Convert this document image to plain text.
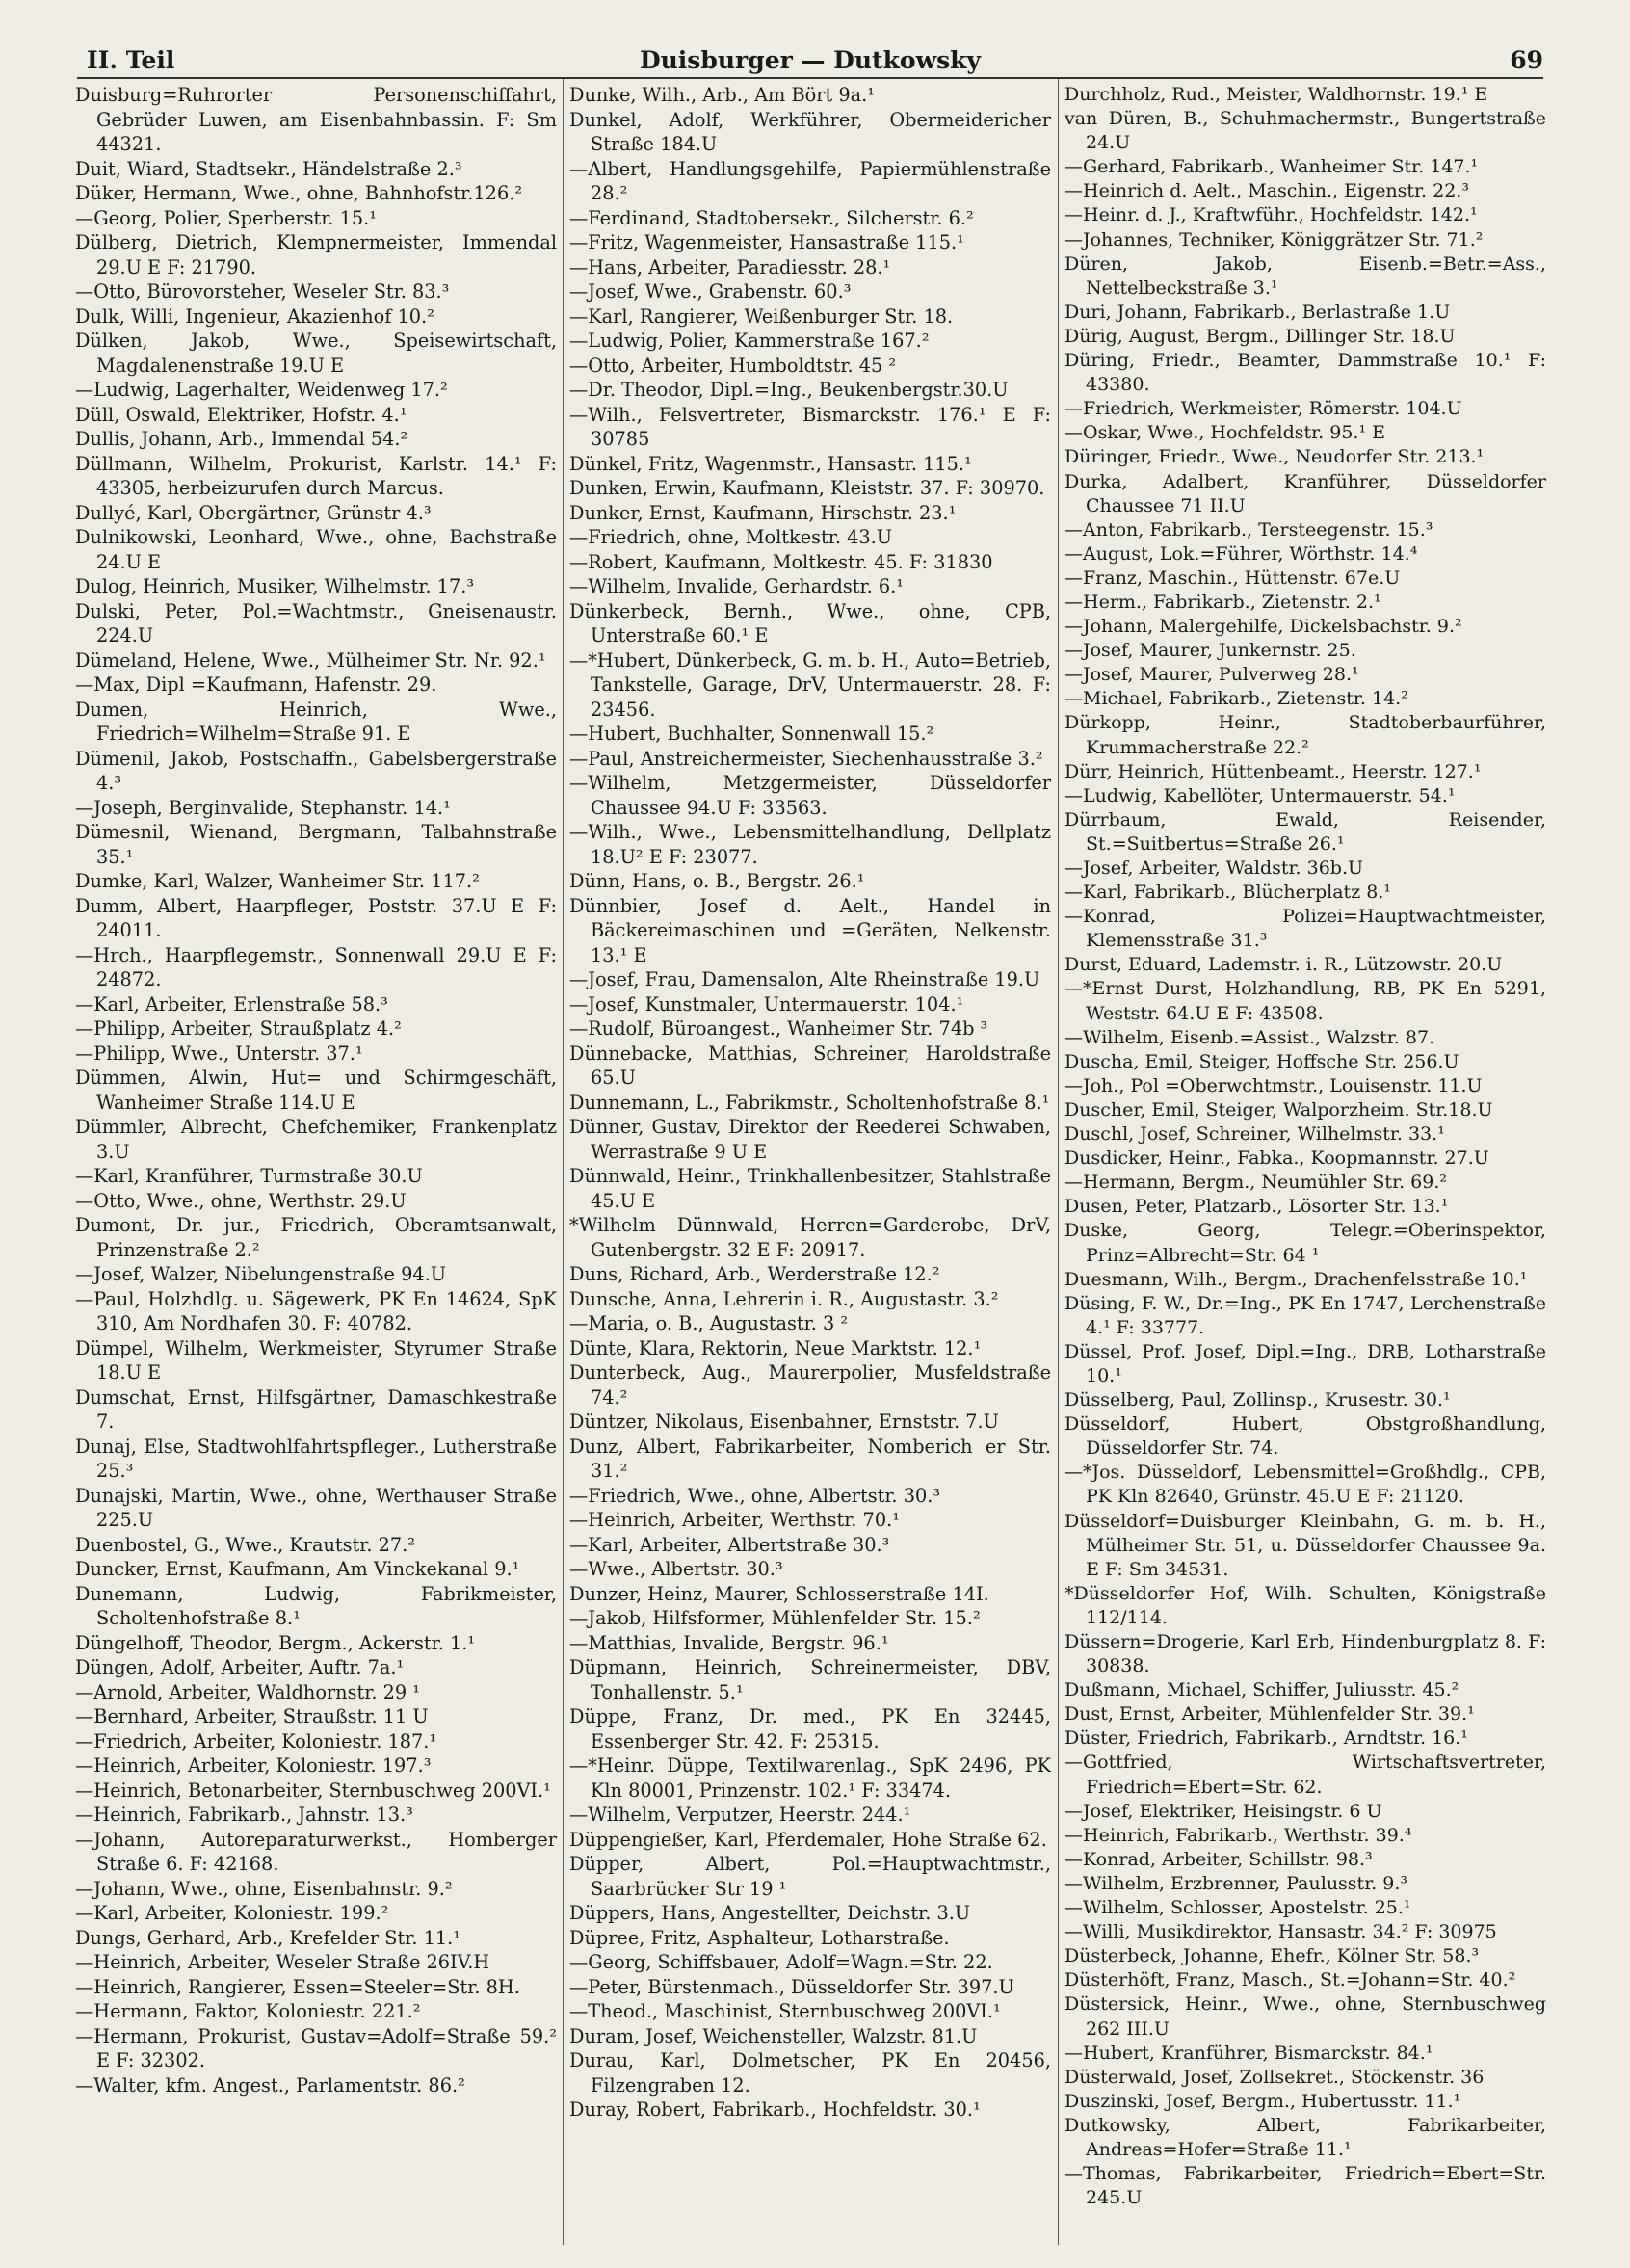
II. Teil	Duisburger — Dutkowsky	69

Duisburg=Ruhrorter Personenschiffahrt, Gebrüder Luwen, am Eisenbahnbassin. F: Sm 44321.

Duit, Wiard, Stadtsekr., Händelstraße 2.³

Düker, Hermann, Wwe., ohne, Bahnhofstr.126.²

—Georg, Polier, Sperberstr. 15.¹

Dülberg, Dietrich, Klempnermeister, Immendal 29.U E F: 21790.

—Otto, Bürovorsteher, Weseler Str. 83.³

Dulk, Willi, Ingenieur, Akazienhof 10.²

Dülken, Jakob, Wwe., Speisewirtschaft, Magdalenenstraße 19.U E

—Ludwig, Lagerhalter, Weidenweg 17.²

Düll, Oswald, Elektriker, Hofstr. 4.¹

Dullis, Johann, Arb., Immendal 54.²

Düllmann, Wilhelm, Prokurist, Karlstr. 14.¹ F: 43305, herbeizurufen durch Marcus.

Dullyé, Karl, Obergärtner, Grünstr 4.³

Dulnikowski, Leonhard, Wwe., ohne, Bachstraße 24.U E

Dulog, Heinrich, Musiker, Wilhelmstr. 17.³

Dulski, Peter, Pol.=Wachtmstr., Gneisenaustr. 224.U

Dümeland, Helene, Wwe., Mülheimer Str. Nr. 92.¹

—Max, Dipl =Kaufmann, Hafenstr. 29.

Dumen, Heinrich, Wwe., Friedrich=Wilhelm=Straße 91. E

Dümenil, Jakob, Postschaffn., Gabelsbergerstraße 4.³

—Joseph, Berginvalide, Stephanstr. 14.¹

Dümesnil, Wienand, Bergmann, Talbahnstraße 35.¹

Dumke, Karl, Walzer, Wanheimer Str. 117.²

Dumm, Albert, Haarpfleger, Poststr. 37.U E F: 24011.

—Hrch., Haarpflegemstr., Sonnenwall 29.U E F: 24872.

—Karl, Arbeiter, Erlenstraße 58.³

—Philipp, Arbeiter, Straußplatz 4.²

—Philipp, Wwe., Unterstr. 37.¹

Dümmen, Alwin, Hut= und Schirmgeschäft, Wanheimer Straße 114.U E

Dümmler, Albrecht, Chefchemiker, Frankenplatz 3.U

—Karl, Kranführer, Turmstraße 30.U

—Otto, Wwe., ohne, Werthstr. 29.U

Dumont, Dr. jur., Friedrich, Oberamtsanwalt, Prinzenstraße 2.²

—Josef, Walzer, Nibelungenstraße 94.U

—Paul, Holzhdlg. u. Sägewerk, PK En 14624, SpK 310, Am Nordhafen 30. F: 40782.

Dümpel, Wilhelm, Werkmeister, Styrumer Straße 18.U E

Dumschat, Ernst, Hilfsgärtner, Damaschkestraße 7.

Dunaj, Else, Stadtwohlfahrtspfleger., Lutherstraße 25.³

Dunajski, Martin, Wwe., ohne, Werthauser Straße 225.U

Duenbostel, G., Wwe., Krautstr. 27.²

Duncker, Ernst, Kaufmann, Am Vinckekanal 9.¹

Dunemann, Ludwig, Fabrikmeister, Scholtenhofstraße 8.¹

Düngelhoff, Theodor, Bergm., Ackerstr. 1.¹

Düngen, Adolf, Arbeiter, Auftr. 7a.¹

—Arnold, Arbeiter, Waldhornstr. 29 ¹

—Bernhard, Arbeiter, Straußstr. 11 U

—Friedrich, Arbeiter, Koloniestr. 187.¹

—Heinrich, Arbeiter, Koloniestr. 197.³

—Heinrich, Betonarbeiter, Sternbuschweg 200VI.¹

—Heinrich, Fabrikarb., Jahnstr. 13.³

—Johann, Autoreparaturwerkst., Homberger Straße 6. F: 42168.

—Johann, Wwe., ohne, Eisenbahnstr. 9.²

—Karl, Arbeiter, Koloniestr. 199.²

Dungs, Gerhard, Arb., Krefelder Str. 11.¹

—Heinrich, Arbeiter, Weseler Straße 26IV.H

—Heinrich, Rangierer, Essen=Steeler=Str. 8H.

—Hermann, Faktor, Koloniestr. 221.²

—Hermann, Prokurist, Gustav=Adolf=Straße 59.² E F: 32302.

—Walter, kfm. Angest., Parlamentstr. 86.²

Dunke, Wilh., Arb., Am Bört 9a.¹

Dunkel, Adolf, Werkführer, Obermeidericher Straße 184.U

—Albert, Handlungsgehilfe, Papiermühlenstraße 28.²

—Ferdinand, Stadtobersekr., Silcherstr. 6.²

—Fritz, Wagenmeister, Hansastraße 115.¹

—Hans, Arbeiter, Paradiesstr. 28.¹

—Josef, Wwe., Grabenstr. 60.³

—Karl, Rangierer, Weißenburger Str. 18.

—Ludwig, Polier, Kammerstraße 167.²

—Otto, Arbeiter, Humboldtstr. 45 ²

—Dr. Theodor, Dipl.=Ing., Beukenbergstr.30.U

—Wilh., Felsvertreter, Bismarckstr. 176.¹ E F: 30785

Dünkel, Fritz, Wagenmstr., Hansastr. 115.¹

Dunken, Erwin, Kaufmann, Kleiststr. 37. F: 30970.

Dunker, Ernst, Kaufmann, Hirschstr. 23.¹

—Friedrich, ohne, Moltkestr. 43.U

—Robert, Kaufmann, Moltkestr. 45. F: 31830

—Wilhelm, Invalide, Gerhardstr. 6.¹

Dünkerbeck, Bernh., Wwe., ohne, CPB, Unterstraße 60.¹ E

—*Hubert, Dünkerbeck, G. m. b. H., Auto=Betrieb, Tankstelle, Garage, DrV, Untermauerstr. 28. F: 23456.

—Hubert, Buchhalter, Sonnenwall 15.²

—Paul, Anstreichermeister, Siechenhausstraße 3.²

—Wilhelm, Metzgermeister, Düsseldorfer Chaussee 94.U F: 33563.

—Wilh., Wwe., Lebensmittelhandlung, Dellplatz 18.U² E F: 23077.

Dünn, Hans, o. B., Bergstr. 26.¹

Dünnbier, Josef d. Aelt., Handel in Bäckereimaschinen und =Geräten, Nelkenstr. 13.¹ E

—Josef, Frau, Damensalon, Alte Rheinstraße 19.U

—Josef, Kunstmaler, Untermauerstr. 104.¹

—Rudolf, Büroangest., Wanheimer Str. 74b ³

Dünnebacke, Matthias, Schreiner, Haroldstraße 65.U

Dunnemann, L., Fabrikmstr., Scholtenhofstraße 8.¹

Dünner, Gustav, Direktor der Reederei Schwaben, Werrastraße 9 U E

Dünnwald, Heinr., Trinkhallenbesitzer, Stahlstraße 45.U E

*Wilhelm Dünnwald, Herren=Garderobe, DrV, Gutenbergstr. 32 E F: 20917.

Duns, Richard, Arb., Werderstraße 12.²

Dunsche, Anna, Lehrerin i. R., Augustastr. 3.²

—Maria, o. B., Augustastr. 3 ²

Dünte, Klara, Rektorin, Neue Marktstr. 12.¹

Dunterbeck, Aug., Maurerpolier, Musfeldstraße 74.²

Düntzer, Nikolaus, Eisenbahner, Ernststr. 7.U

Dunz, Albert, Fabrikarbeiter, Nomberich er Str. 31.²

—Friedrich, Wwe., ohne, Albertstr. 30.³

—Heinrich, Arbeiter, Werthstr. 70.¹

—Karl, Arbeiter, Albertstraße 30.³

—Wwe., Albertstr. 30.³

Dunzer, Heinz, Maurer, Schlosserstraße 14I.

—Jakob, Hilfsformer, Mühlenfelder Str. 15.²

—Matthias, Invalide, Bergstr. 96.¹

Düpmann, Heinrich, Schreinermeister, DBV, Tonhallenstr. 5.¹

Düppe, Franz, Dr. med., PK En 32445, Essenberger Str. 42. F: 25315.

—*Heinr. Düppe, Textilwarenlag., SpK 2496, PK Kln 80001, Prinzenstr. 102.¹ F: 33474.

—Wilhelm, Verputzer, Heerstr. 244.¹

Düppengießer, Karl, Pferdemaler, Hohe Straße 62.

Düpper, Albert, Pol.=Hauptwachtmstr., Saarbrücker Str 19 ¹

Düppers, Hans, Angestellter, Deichstr. 3.U

Düpree, Fritz, Asphalteur, Lotharstraße.

—Georg, Schiffsbauer, Adolf=Wagn.=Str. 22.

—Peter, Bürstenmach., Düsseldorfer Str. 397.U

—Theod., Maschinist, Sternbuschweg 200VI.¹

Duram, Josef, Weichensteller, Walzstr. 81.U

Durau, Karl, Dolmetscher, PK En 20456, Filzengraben 12.

Duray, Robert, Fabrikarb., Hochfeldstr. 30.¹

Durchholz, Rud., Meister, Waldhornstr. 19.¹ E

van Düren, B., Schuhmachermstr., Bungertstraße 24.U

—Gerhard, Fabrikarb., Wanheimer Str. 147.¹

—Heinrich d. Aelt., Maschin., Eigenstr. 22.³

—Heinr. d. J., Kraftwführ., Hochfeldstr. 142.¹

—Johannes, Techniker, Königgrätzer Str. 71.²

Düren, Jakob, Eisenb.=Betr.=Ass., Nettelbeckstraße 3.¹

Duri, Johann, Fabrikarb., Berlastraße 1.U

Dürig, August, Bergm., Dillinger Str. 18.U

Düring, Friedr., Beamter, Dammstraße 10.¹ F: 43380.

—Friedrich, Werkmeister, Römerstr. 104.U

—Oskar, Wwe., Hochfeldstr. 95.¹ E

Düringer, Friedr., Wwe., Neudorfer Str. 213.¹

Durka, Adalbert, Kranführer, Düsseldorfer Chaussee 71 II.U

—Anton, Fabrikarb., Tersteegenstr. 15.³

—August, Lok.=Führer, Wörthstr. 14.⁴

—Franz, Maschin., Hüttenstr. 67e.U

—Herm., Fabrikarb., Zietenstr. 2.¹

—Johann, Malergehilfe, Dickelsbachstr. 9.²

—Josef, Maurer, Junkernstr. 25.

—Josef, Maurer, Pulverweg 28.¹

—Michael, Fabrikarb., Zietenstr. 14.²

Dürkopp, Heinr., Stadtoberbaurführer, Krummacherstraße 22.²

Dürr, Heinrich, Hüttenbeamt., Heerstr. 127.¹

—Ludwig, Kabellöter, Untermauerstr. 54.¹

Dürrbaum, Ewald, Reisender, St.=Suitbertus=Straße 26.¹

—Josef, Arbeiter, Waldstr. 36b.U

—Karl, Fabrikarb., Blücherplatz 8.¹

—Konrad, Polizei=Hauptwachtmeister, Klemensstraße 31.³

Durst, Eduard, Lademstr. i. R., Lützowstr. 20.U

—*Ernst Durst, Holzhandlung, RB, PK En 5291, Weststr. 64.U E F: 43508.

—Wilhelm, Eisenb.=Assist., Walzstr. 87.

Duscha, Emil, Steiger, Hoffsche Str. 256.U

—Joh., Pol =Oberwchtmstr., Louisenstr. 11.U

Duscher, Emil, Steiger, Walporzheim. Str.18.U

Duschl, Josef, Schreiner, Wilhelmstr. 33.¹

Dusdicker, Heinr., Fabka., Koopmannstr. 27.U

—Hermann, Bergm., Neumühler Str. 69.²

Dusen, Peter, Platzarb., Lösorter Str. 13.¹

Duske, Georg, Telegr.=Oberinspektor, Prinz=Albrecht=Str. 64 ¹

Duesmann, Wilh., Bergm., Drachenfelsstraße 10.¹

Düsing, F. W., Dr.=Ing., PK En 1747, Lerchenstraße 4.¹ F: 33777.

Düssel, Prof. Josef, Dipl.=Ing., DRB, Lotharstraße 10.¹

Düsselberg, Paul, Zollinsp., Krusestr. 30.¹

Düsseldorf, Hubert, Obstgroßhandlung, Düsseldorfer Str. 74.

—*Jos. Düsseldorf, Lebensmittel=Großhdlg., CPB, PK Kln 82640, Grünstr. 45.U E F: 21120.

Düsseldorf=Duisburger Kleinbahn, G. m. b. H., Mülheimer Str. 51, u. Düsseldorfer Chaussee 9a. E F: Sm 34531.

*Düsseldorfer Hof, Wilh. Schulten, Königstraße 112/114.

Düssern=Drogerie, Karl Erb, Hindenburgplatz 8. F: 30838.

Dußmann, Michael, Schiffer, Juliusstr. 45.²

Dust, Ernst, Arbeiter, Mühlenfelder Str. 39.¹

Düster, Friedrich, Fabrikarb., Arndtstr. 16.¹

—Gottfried, Wirtschaftsvertreter, Friedrich=Ebert=Str. 62.

—Josef, Elektriker, Heisingstr. 6 U

—Heinrich, Fabrikarb., Werthstr. 39.⁴

—Konrad, Arbeiter, Schillstr. 98.³

—Wilhelm, Erzbrenner, Paulusstr. 9.³

—Wilhelm, Schlosser, Apostelstr. 25.¹

—Willi, Musikdirektor, Hansastr. 34.² F: 30975

Düsterbeck, Johanne, Ehefr., Kölner Str. 58.³

Düsterhöft, Franz, Masch., St.=Johann=Str. 40.²

Düstersick, Heinr., Wwe., ohne, Sternbuschweg 262 III.U

—Hubert, Kranführer, Bismarckstr. 84.¹

Düsterwald, Josef, Zollsekret., Stöckenstr. 36

Duszinski, Josef, Bergm., Hubertusstr. 11.¹

Dutkowsky, Albert, Fabrikarbeiter, Andreas=Hofer=Straße 11.¹

—Thomas, Fabrikarbeiter, Friedrich=Ebert=Str. 245.U
